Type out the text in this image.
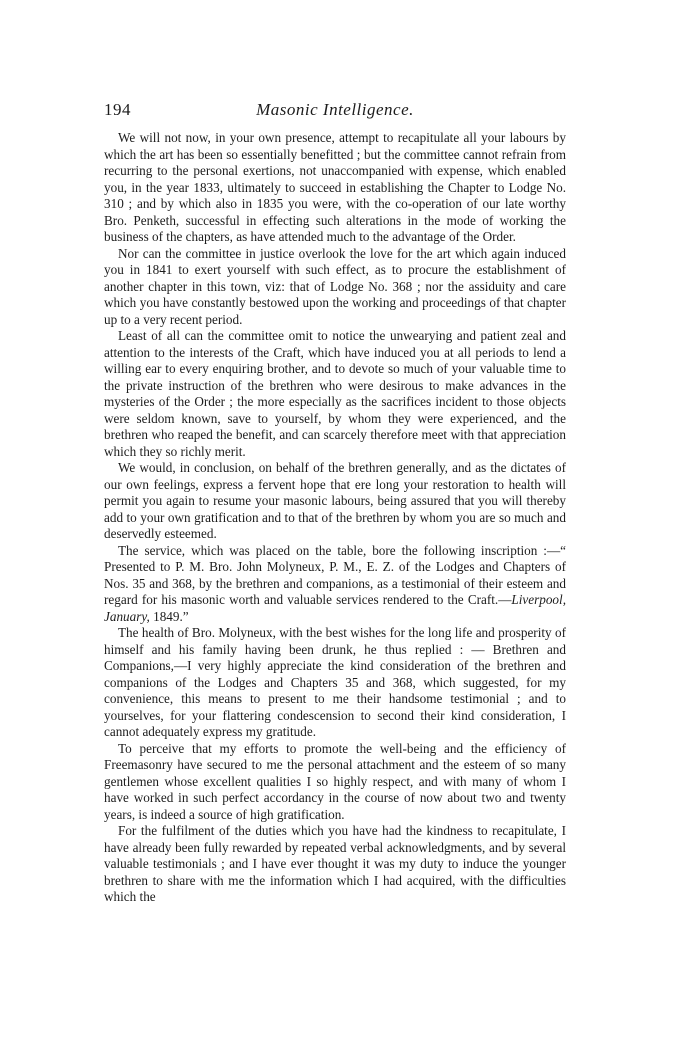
194	Masonic Intelligence.

We will not now, in your own presence, attempt to recapitulate all your labours by which the art has been so essentially benefitted ; but the committee cannot refrain from recurring to the personal exertions, not unaccompanied with expense, which enabled you, in the year 1833, ultimately to succeed in establishing the Chapter to Lodge No. 310 ; and by which also in 1835 you were, with the co-operation of our late worthy Bro. Penketh, successful in effecting such alterations in the mode of working the business of the chapters, as have attended much to the advantage of the Order.

Nor can the committee in justice overlook the love for the art which again induced you in 1841 to exert yourself with such effect, as to procure the establishment of another chapter in this town, viz: that of Lodge No. 368 ; nor the assiduity and care which you have constantly bestowed upon the working and proceedings of that chapter up to a very recent period.

Least of all can the committee omit to notice the unwearying and patient zeal and attention to the interests of the Craft, which have induced you at all periods to lend a willing ear to every enquiring brother, and to devote so much of your valuable time to the private instruction of the brethren who were desirous to make advances in the mysteries of the Order ; the more especially as the sacrifices incident to those objects were seldom known, save to yourself, by whom they were experienced, and the brethren who reaped the benefit, and can scarcely therefore meet with that appreciation which they so richly merit.

We would, in conclusion, on behalf of the brethren generally, and as the dictates of our own feelings, express a fervent hope that ere long your restoration to health will permit you again to resume your masonic labours, being assured that you will thereby add to your own gratification and to that of the brethren by whom you are so much and deservedly esteemed.

The service, which was placed on the table, bore the following inscription :—“ Presented to P. M. Bro. John Molyneux, P. M., E. Z. of the Lodges and Chapters of Nos. 35 and 368, by the brethren and companions, as a testimonial of their esteem and regard for his masonic worth and valuable services rendered to the Craft.—Liverpool, January, 1849.”

The health of Bro. Molyneux, with the best wishes for the long life and prosperity of himself and his family having been drunk, he thus replied : — Brethren and Companions,—I very highly appreciate the kind consideration of the brethren and companions of the Lodges and Chapters 35 and 368, which suggested, for my convenience, this means to present to me their handsome testimonial ; and to yourselves, for your flattering condescension to second their kind consideration, I cannot adequately express my gratitude.

To perceive that my efforts to promote the well-being and the efficiency of Freemasonry have secured to me the personal attachment and the esteem of so many gentlemen whose excellent qualities I so highly respect, and with many of whom I have worked in such perfect accordancy in the course of now about two and twenty years, is indeed a source of high gratification.

For the fulfilment of the duties which you have had the kindness to recapitulate, I have already been fully rewarded by repeated verbal acknowledgments, and by several valuable testimonials ; and I have ever thought it was my duty to induce the younger brethren to share with me the information which I had acquired, with the difficulties which the
